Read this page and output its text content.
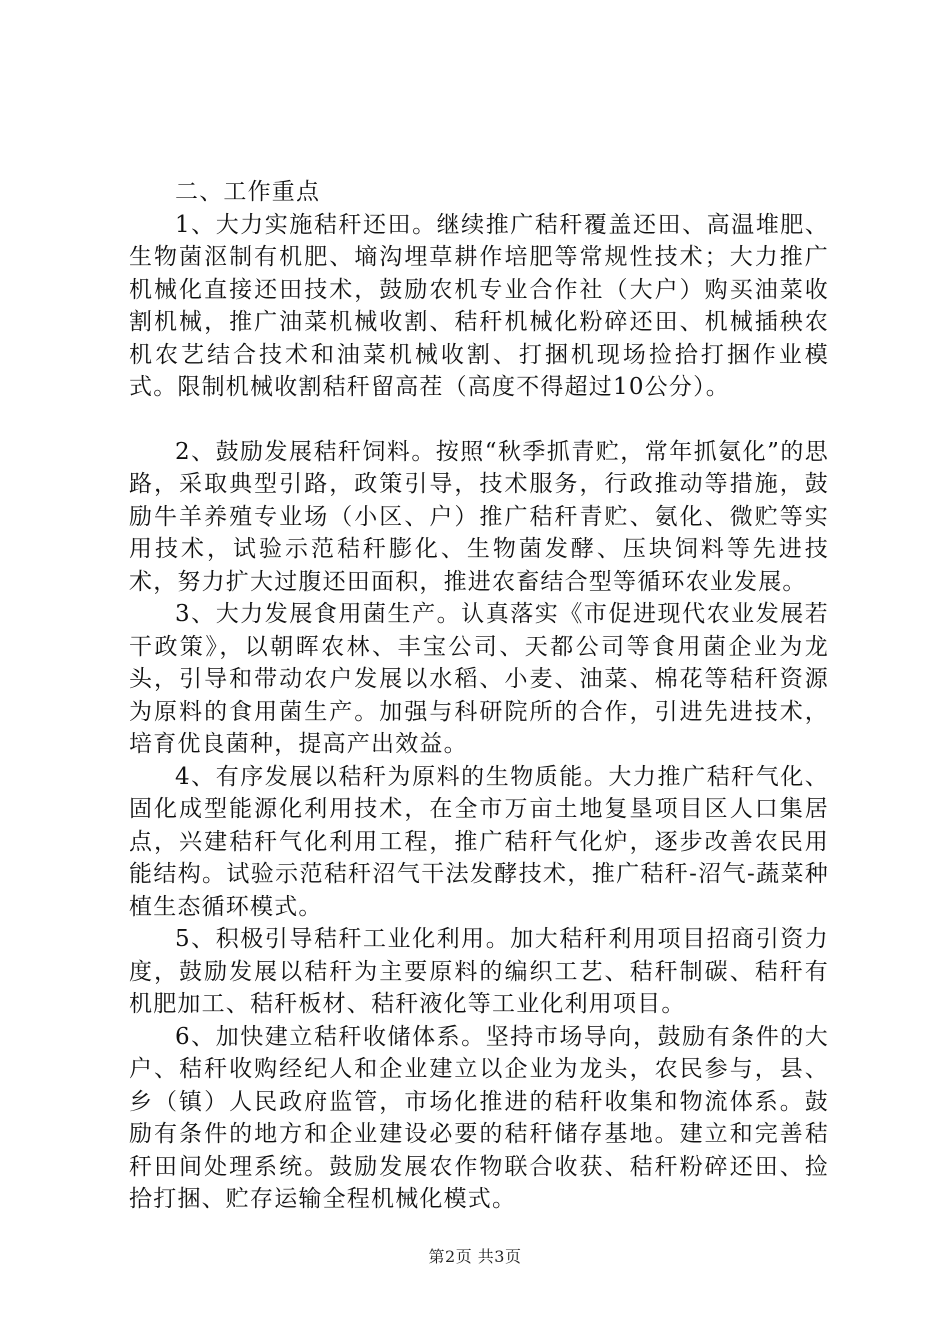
二、工作重点

1、大力实施秸秆还田。继续推广秸秆覆盖还田、高温堆肥、生物菌沤制有机肥、墒沟埋草耕作培肥等常规性技术；大力推广机械化直接还田技术，鼓励农机专业合作社（大户）购买油菜收割机械，推广油菜机械收割、秸秆机械化粉碎还田、机械插秧农机农艺结合技术和油菜机械收割、打捆机现场捡拾打捆作业模式。限制机械收割秸秆留高茬（高度不得超过10公分）。

2、鼓励发展秸秆饲料。按照“秋季抓青贮，常年抓氨化”的思路，采取典型引路，政策引导，技术服务，行政推动等措施，鼓励牛羊养殖专业场（小区、户）推广秸秆青贮、氨化、微贮等实用技术，试验示范秸秆膨化、生物菌发酵、压块饲料等先进技术，努力扩大过腹还田面积，推进农畜结合型等循环农业发展。

3、大力发展食用菌生产。认真落实《市促进现代农业发展若干政策》，以朝晖农林、丰宝公司、天都公司等食用菌企业为龙头，引导和带动农户发展以水稻、小麦、油菜、棉花等秸秆资源为原料的食用菌生产。加强与科研院所的合作，引进先进技术，培育优良菌种，提高产出效益。

4、有序发展以秸秆为原料的生物质能。大力推广秸秆气化、固化成型能源化利用技术，在全市万亩土地复垦项目区人口集居点，兴建秸秆气化利用工程，推广秸秆气化炉，逐步改善农民用能结构。试验示范秸秆沼气干法发酵技术，推广秸秆-沼气-蔬菜种植生态循环模式。

5、积极引导秸秆工业化利用。加大秸秆利用项目招商引资力度，鼓励发展以秸秆为主要原料的编织工艺、秸秆制碳、秸秆有机肥加工、秸秆板材、秸秆液化等工业化利用项目。

6、加快建立秸秆收储体系。坚持市场导向，鼓励有条件的大户、秸秆收购经纪人和企业建立以企业为龙头，农民参与，县、乡（镇）人民政府监管，市场化推进的秸秆收集和物流体系。鼓励有条件的地方和企业建设必要的秸秆储存基地。建立和完善秸秆田间处理系统。鼓励发展农作物联合收获、秸秆粉碎还田、捡拾打捆、贮存运输全程机械化模式。

第2页 共3页
